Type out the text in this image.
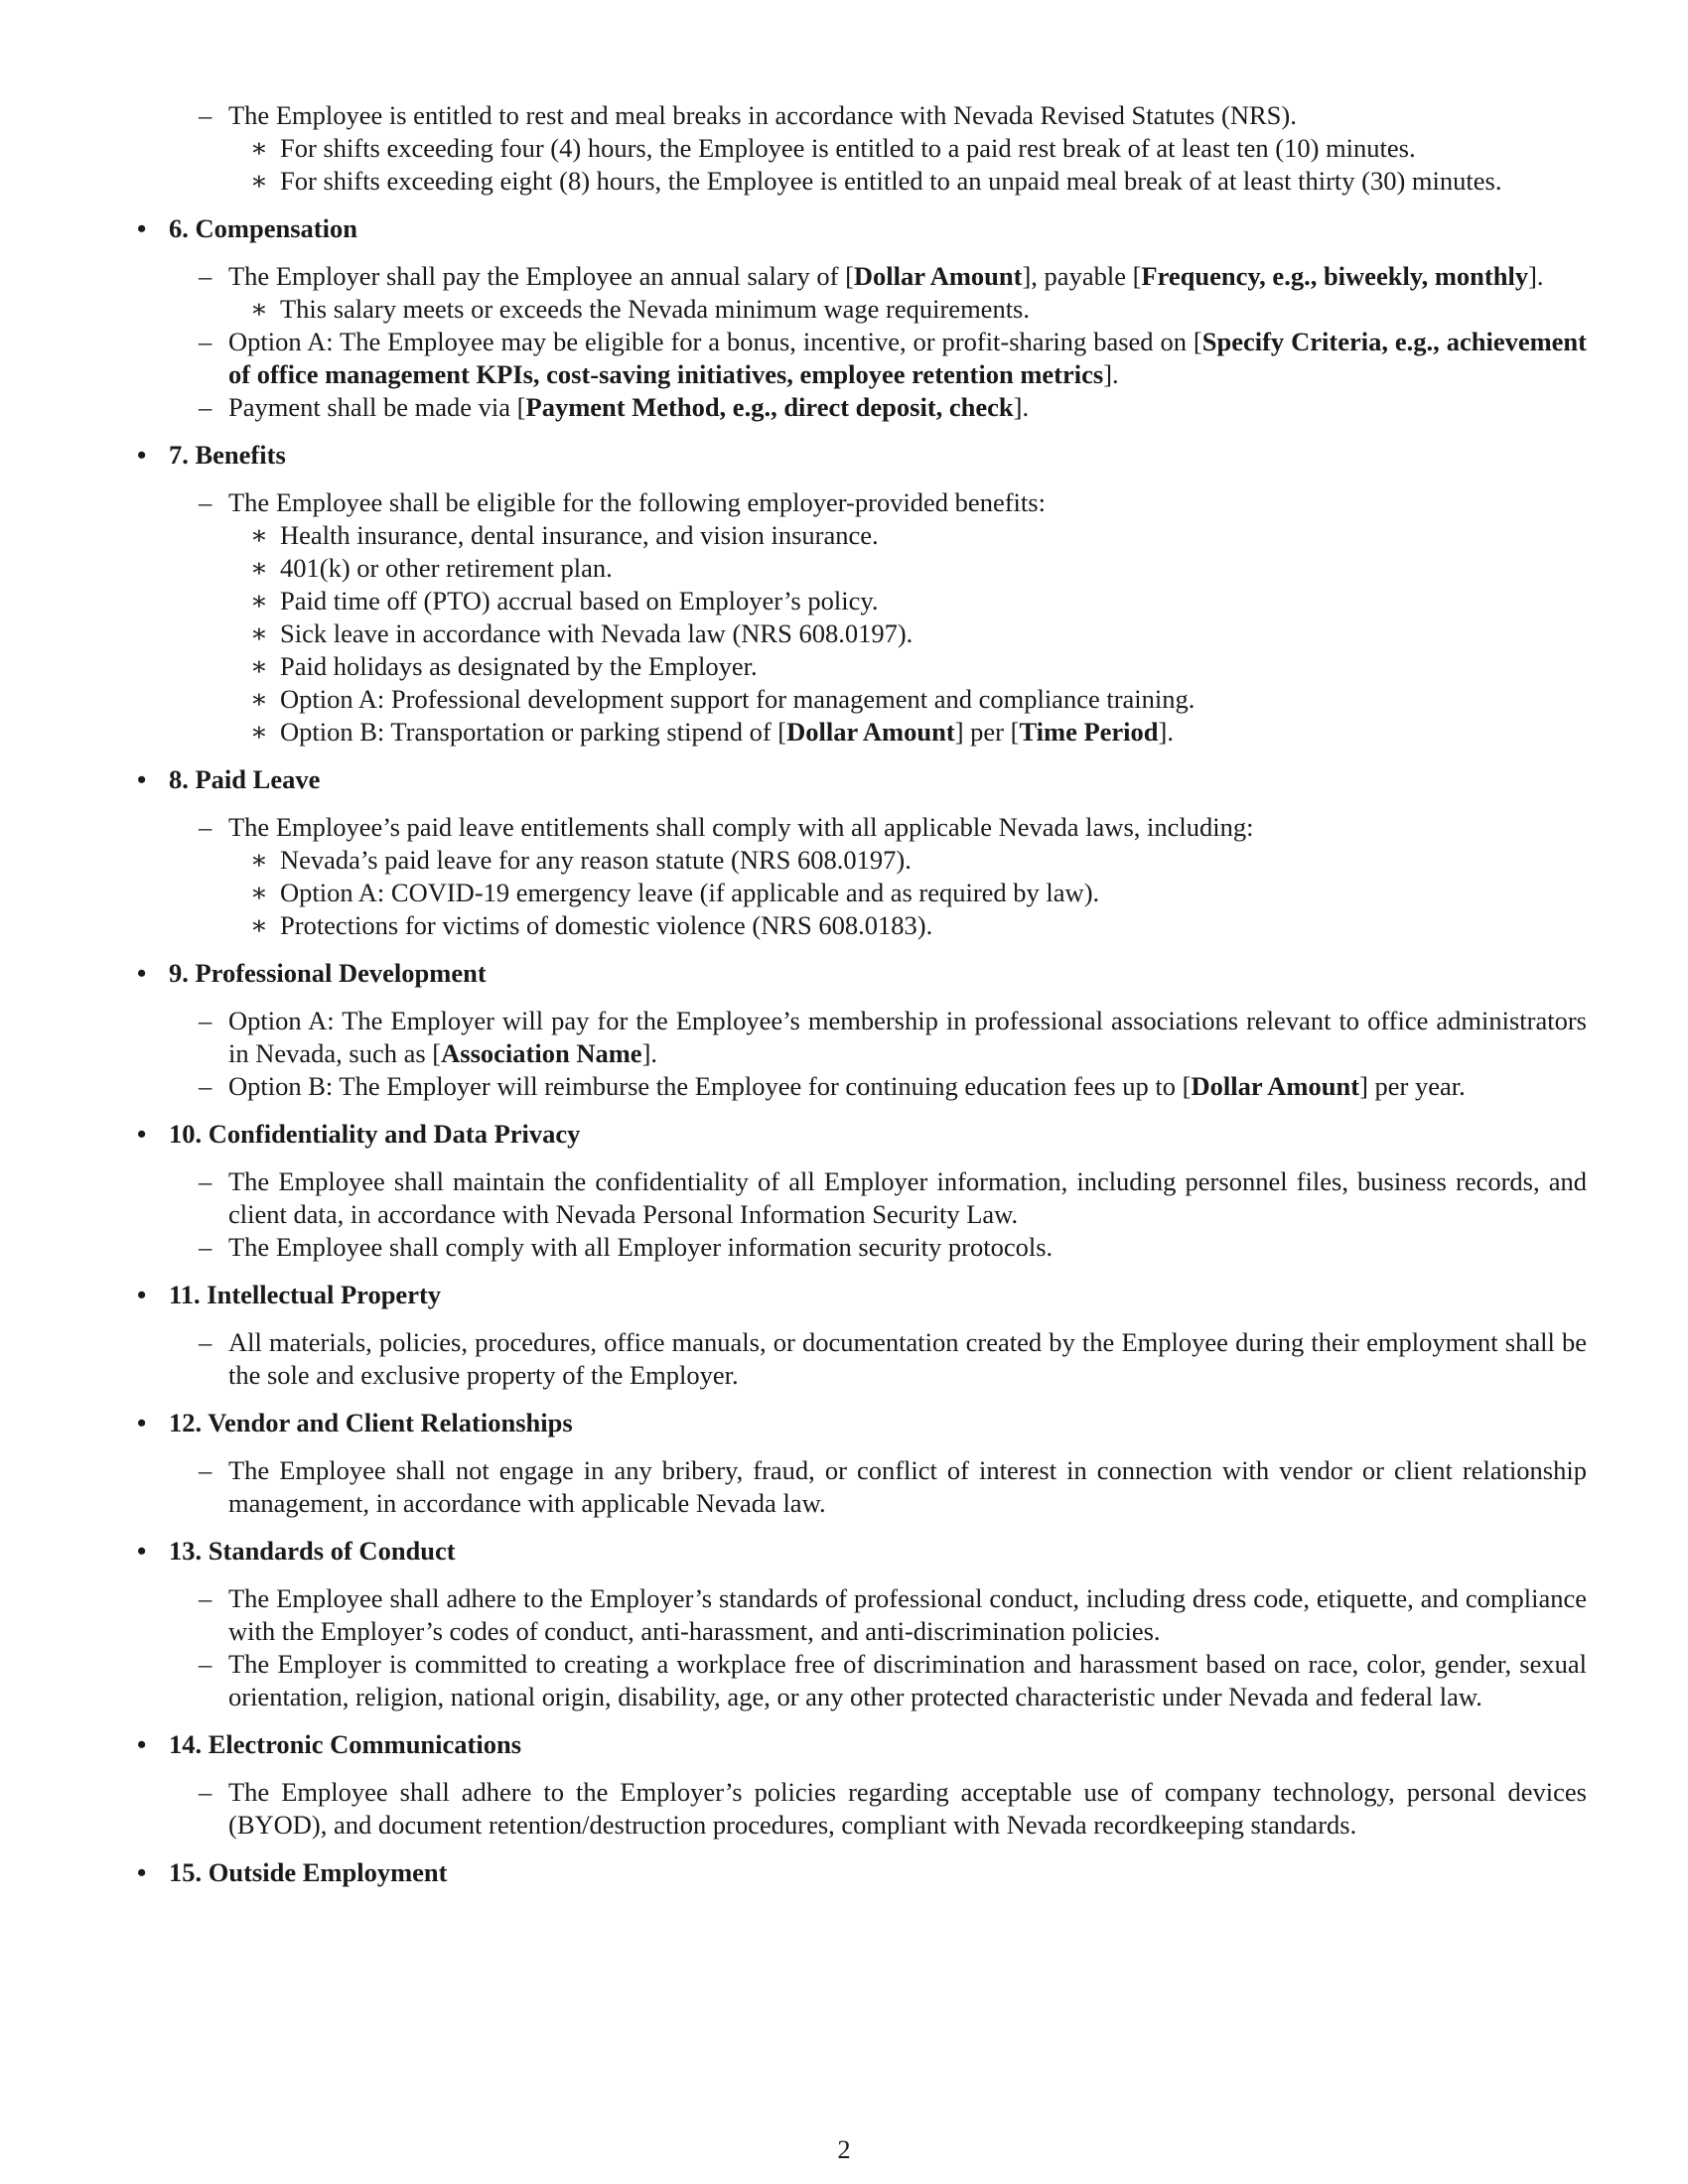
– The Employee is entitled to rest and meal breaks in accordance with Nevada Revised Statutes (NRS).
∗ For shifts exceeding four (4) hours, the Employee is entitled to a paid rest break of at least ten (10) minutes.
∗ For shifts exceeding eight (8) hours, the Employee is entitled to an unpaid meal break of at least thirty (30) minutes.
• 6. Compensation
– The Employer shall pay the Employee an annual salary of [Dollar Amount], payable [Frequency, e.g., biweekly, monthly].
∗ This salary meets or exceeds the Nevada minimum wage requirements.
– Option A: The Employee may be eligible for a bonus, incentive, or profit-sharing based on [Specify Criteria, e.g., achievement of office management KPIs, cost-saving initiatives, employee retention metrics].
– Payment shall be made via [Payment Method, e.g., direct deposit, check].
• 7. Benefits
– The Employee shall be eligible for the following employer-provided benefits:
∗ Health insurance, dental insurance, and vision insurance.
∗ 401(k) or other retirement plan.
∗ Paid time off (PTO) accrual based on Employer’s policy.
∗ Sick leave in accordance with Nevada law (NRS 608.0197).
∗ Paid holidays as designated by the Employer.
∗ Option A: Professional development support for management and compliance training.
∗ Option B: Transportation or parking stipend of [Dollar Amount] per [Time Period].
• 8. Paid Leave
– The Employee’s paid leave entitlements shall comply with all applicable Nevada laws, including:
∗ Nevada’s paid leave for any reason statute (NRS 608.0197).
∗ Option A: COVID-19 emergency leave (if applicable and as required by law).
∗ Protections for victims of domestic violence (NRS 608.0183).
• 9. Professional Development
– Option A: The Employer will pay for the Employee’s membership in professional associations relevant to office administrators in Nevada, such as [Association Name].
– Option B: The Employer will reimburse the Employee for continuing education fees up to [Dollar Amount] per year.
• 10. Confidentiality and Data Privacy
– The Employee shall maintain the confidentiality of all Employer information, including personnel files, business records, and client data, in accordance with Nevada Personal Information Security Law.
– The Employee shall comply with all Employer information security protocols.
• 11. Intellectual Property
– All materials, policies, procedures, office manuals, or documentation created by the Employee during their employment shall be the sole and exclusive property of the Employer.
• 12. Vendor and Client Relationships
– The Employee shall not engage in any bribery, fraud, or conflict of interest in connection with vendor or client relationship management, in accordance with applicable Nevada law.
• 13. Standards of Conduct
– The Employee shall adhere to the Employer’s standards of professional conduct, including dress code, etiquette, and compliance with the Employer’s codes of conduct, anti-harassment, and anti-discrimination policies.
– The Employer is committed to creating a workplace free of discrimination and harassment based on race, color, gender, sexual orientation, religion, national origin, disability, age, or any other protected characteristic under Nevada and federal law.
• 14. Electronic Communications
– The Employee shall adhere to the Employer’s policies regarding acceptable use of company technology, personal devices (BYOD), and document retention/destruction procedures, compliant with Nevada recordkeeping standards.
• 15. Outside Employment
2
